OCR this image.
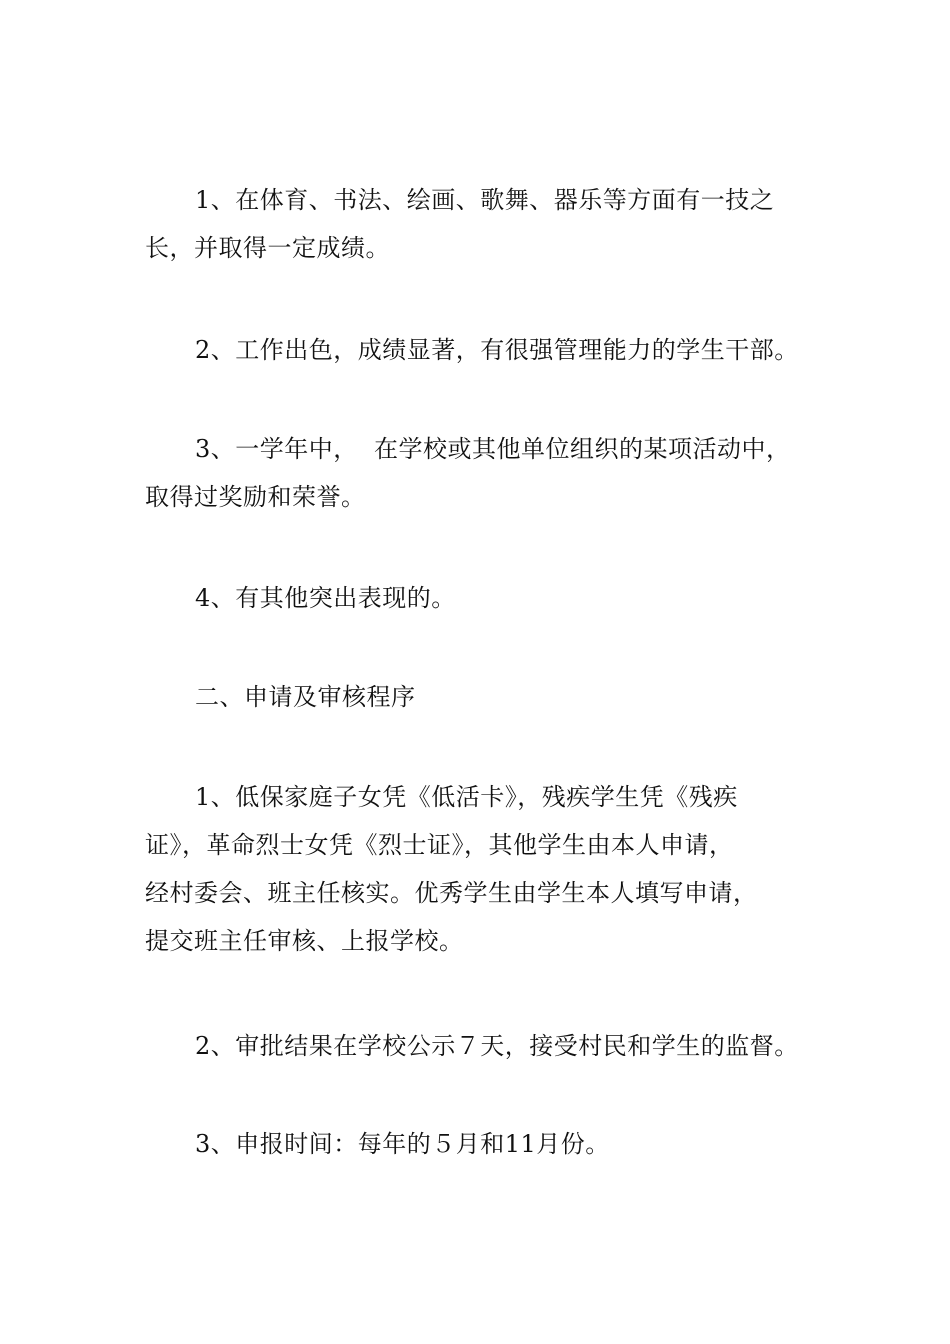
1、在体育、书法、绘画、歌舞、器乐等方面有一技之
长，并取得一定成绩。

2、工作出色，成绩显著，有很强管理能力的学生干部。

3、一学年中，  在学校或其他单位组织的某项活动中，
取得过奖励和荣誉。

4、有其他突出表现的。

二、申请及审核程序

1、低保家庭子女凭《低活卡》，残疾学生凭《残疾
证》，革命烈士女凭《烈士证》，其他学生由本人申请，
经村委会、班主任核实。优秀学生由学生本人填写申请，
提交班主任审核、上报学校。

2、审批结果在学校公示７天，接受村民和学生的监督。

3、申报时间：每年的５月和11月份。
